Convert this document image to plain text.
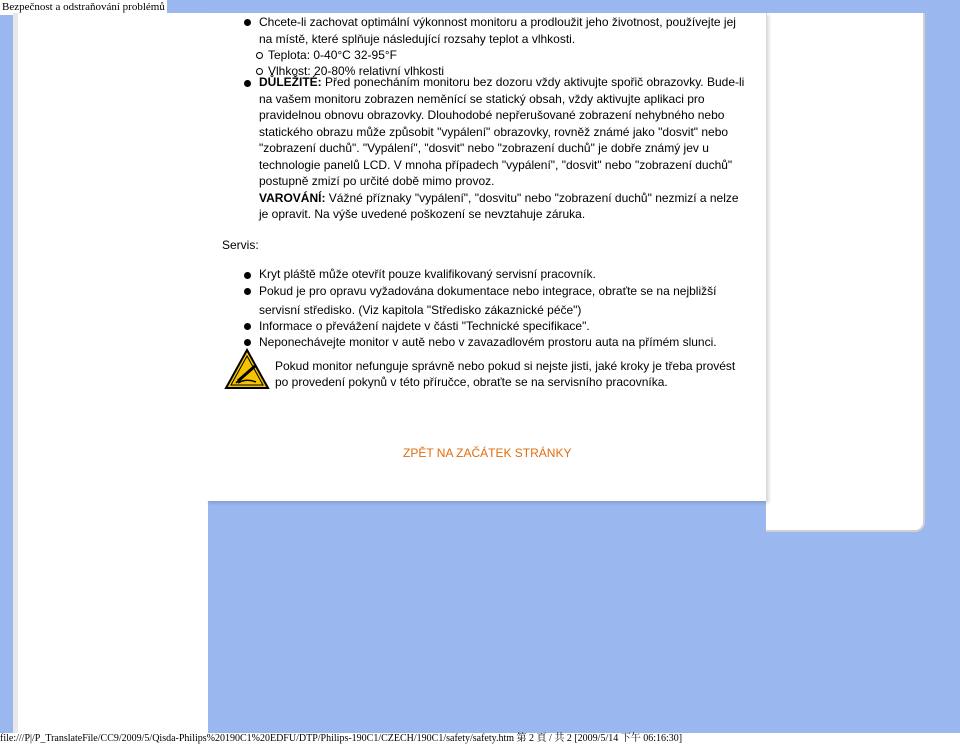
Bezpečnost a odstraňování problémů
Chcete-li zachovat optimální výkonnost monitoru a prodloužit jeho životnost, používejte jej
na místě, které splňuje následující rozsahy teplot a vlhkosti.
Teplota: 0-40°C 32-95°F
Vlhkost: 20-80% relativní vlhkosti
DŮLEŽITÉ: Před ponecháním monitoru bez dozoru vždy aktivujte spořič obrazovky. Bude-li
na vašem monitoru zobrazen neměnící se statický obsah, vždy aktivujte aplikaci pro
pravidelnou obnovu obrazovky. Dlouhodobé nepřerušované zobrazení nehybného nebo
statického obrazu může způsobit "vypálení" obrazovky, rovněž známé jako "dosvit" nebo
"zobrazení duchů". "Vypálení", "dosvit" nebo "zobrazení duchů" je dobře známý jev u
technologie panelů LCD. V mnoha případech "vypálení", "dosvit" nebo "zobrazení duchů"
postupně zmizí po určité době mimo provoz.
VAROVÁNÍ: Vážné příznaky "vypálení", "dosvitu" nebo "zobrazení duchů" nezmizí a nelze
je opravit. Na výše uvedené poškození se nevztahuje záruka.
Servis:
Kryt pláště může otevřít pouze kvalifikovaný servisní pracovník.
Pokud je pro opravu vyžadována dokumentace nebo integrace, obraťte se na nejbližší
servisní středisko. (Viz kapitola "Středisko zákaznické péče")
Informace o převážení najdete v části "Technické specifikace".
Neponechávejte monitor v autě nebo v zavazadlovém prostoru auta na přímém slunci.
Pokud monitor nefunguje správně nebo pokud si nejste jisti, jaké kroky je třeba provést
po provedení pokynů v této příručce, obraťte se na servisního pracovníka.
ZPĚT NA ZAČÁTEK STRÁNKY
file:///P|/P_TranslateFile/CC9/2009/5/Qisda-Philips%20190C1%20EDFU/DTP/Philips-190C1/CZECH/190C1/safety/safety.htm 第 2 頁 / 共 2 [2009/5/14 下午 06:16:30]
